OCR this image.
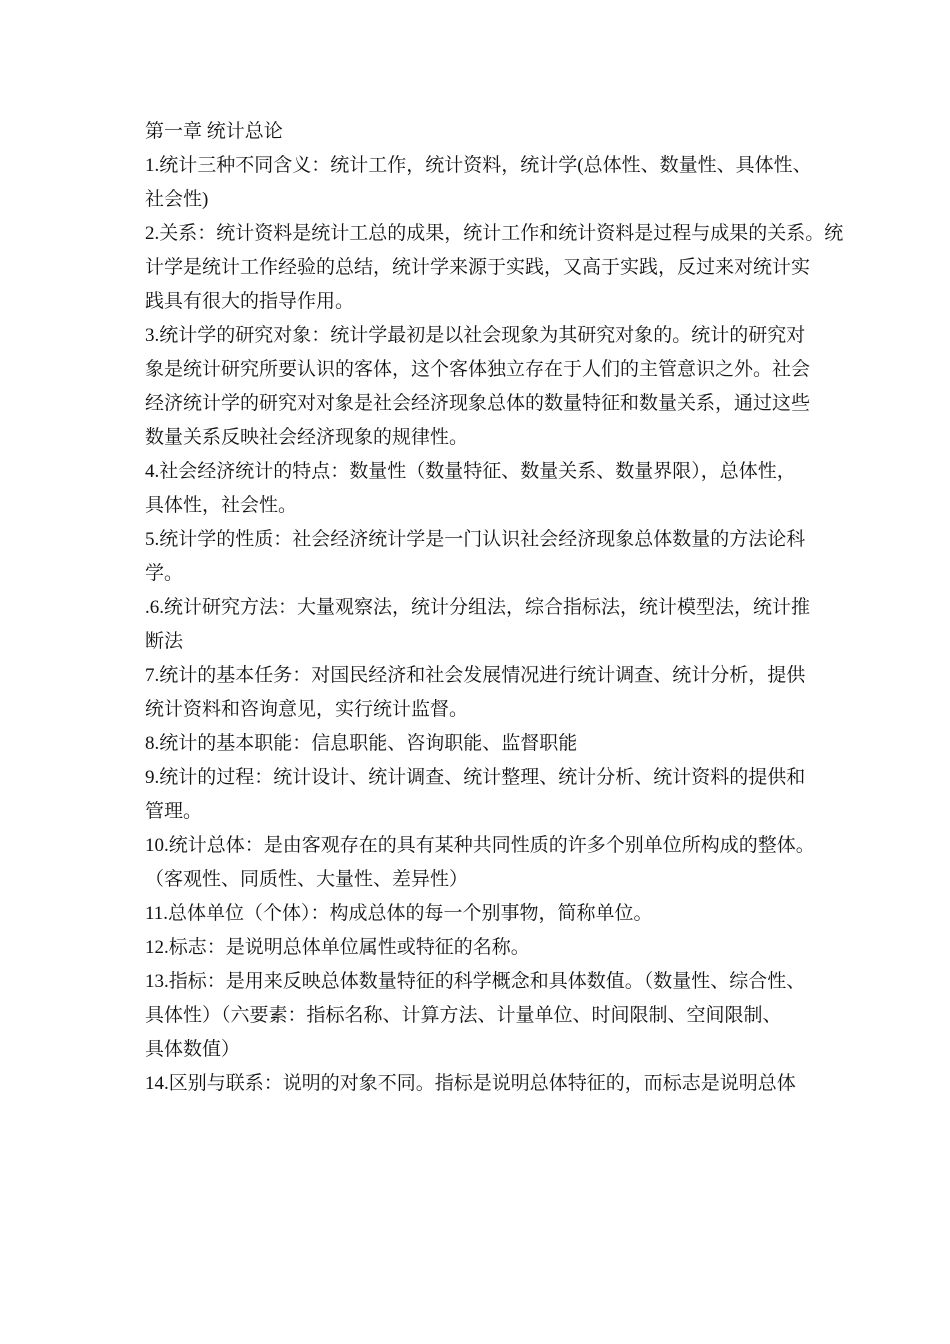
第一章 统计总论
1.统计三种不同含义：统计工作，统计资料，统计学(总体性、数量性、具体性、
社会性)
2.关系：统计资料是统计工总的成果，统计工作和统计资料是过程与成果的关系。统
计学是统计工作经验的总结，统计学来源于实践，又高于实践，反过来对统计实
践具有很大的指导作用。
3.统计学的研究对象：统计学最初是以社会现象为其研究对象的。统计的研究对
象是统计研究所要认识的客体，这个客体独立存在于人们的主管意识之外。社会
经济统计学的研究对对象是社会经济现象总体的数量特征和数量关系，通过这些
数量关系反映社会经济现象的规律性。
4.社会经济统计的特点：数量性（数量特征、数量关系、数量界限），总体性，
具体性，社会性。
5.统计学的性质：社会经济统计学是一门认识社会经济现象总体数量的方法论科
学。
.6.统计研究方法：大量观察法，统计分组法，综合指标法，统计模型法，统计推
断法
7.统计的基本任务：对国民经济和社会发展情况进行统计调查、统计分析，提供
统计资料和咨询意见，实行统计监督。
8.统计的基本职能：信息职能、咨询职能、监督职能
9.统计的过程：统计设计、统计调查、统计整理、统计分析、统计资料的提供和
管理。
10.统计总体：是由客观存在的具有某种共同性质的许多个别单位所构成的整体。
（客观性、同质性、大量性、差异性）
11.总体单位（个体）：构成总体的每一个别事物，简称单位。
12.标志：是说明总体单位属性或特征的名称。
13.指标：是用来反映总体数量特征的科学概念和具体数值。（数量性、综合性、
具体性）（六要素：指标名称、计算方法、计量单位、时间限制、空间限制、
具体数值）
14.区别与联系：说明的对象不同。指标是说明总体特征的，而标志是说明总体
